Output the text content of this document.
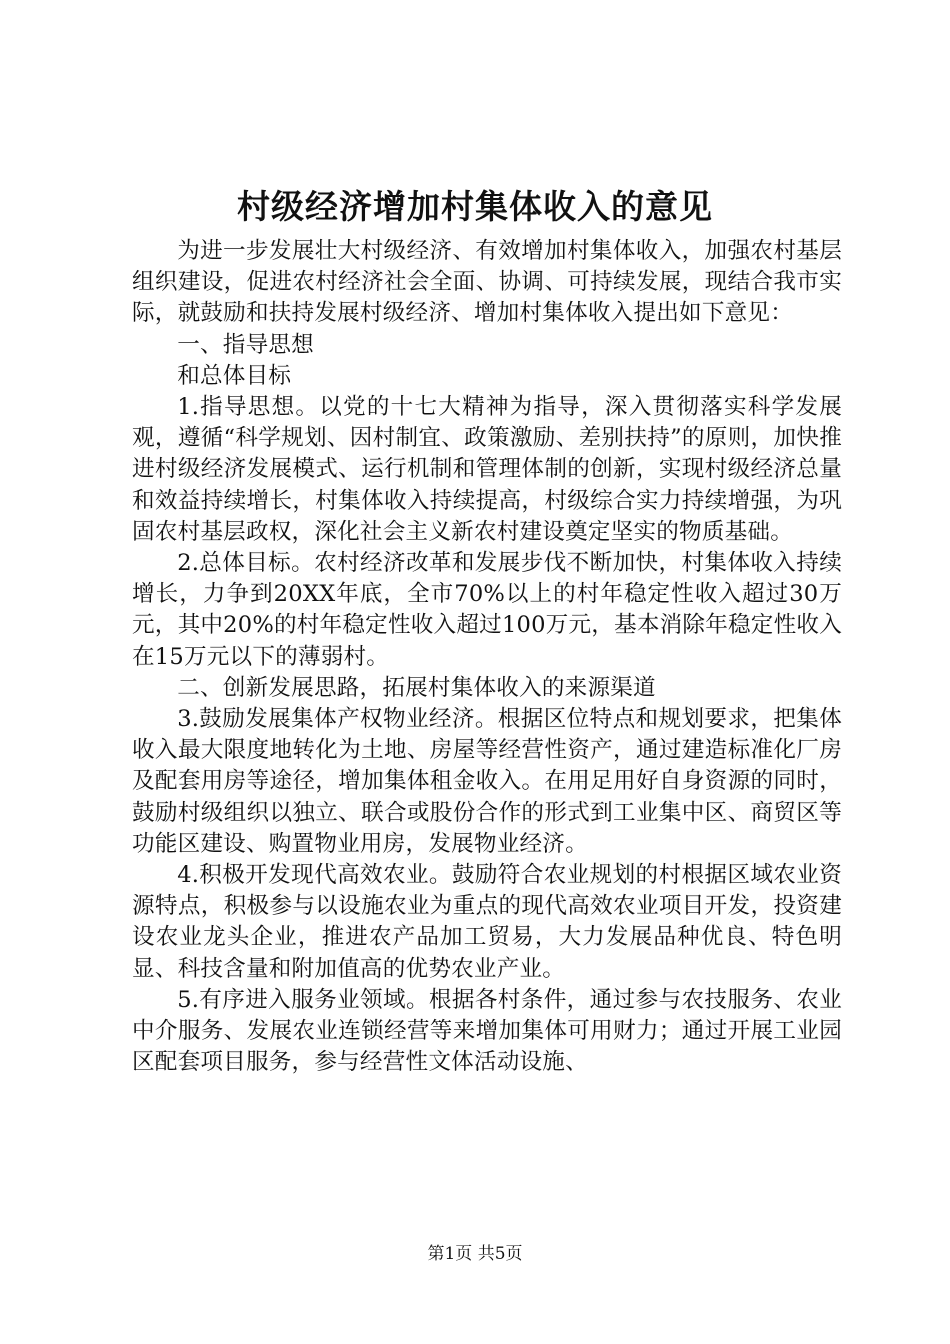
村级经济增加村集体收入的意见

为进一步发展壮大村级经济、有效增加村集体收入，加强农村基层组织建设，促进农村经济社会全面、协调、可持续发展，现结合我市实际，就鼓励和扶持发展村级经济、增加村集体收入提出如下意见：

一、指导思想

和总体目标

1.指导思想。以党的十七大精神为指导，深入贯彻落实科学发展观，遵循“科学规划、因村制宜、政策激励、差别扶持”的原则，加快推进村级经济发展模式、运行机制和管理体制的创新，实现村级经济总量和效益持续增长，村集体收入持续提高，村级综合实力持续增强，为巩固农村基层政权，深化社会主义新农村建设奠定坚实的物质基础。

2.总体目标。农村经济改革和发展步伐不断加快，村集体收入持续增长，力争到20XX年底，全市70%以上的村年稳定性收入超过30万元，其中20%的村年稳定性收入超过100万元，基本消除年稳定性收入在15万元以下的薄弱村。

二、创新发展思路，拓展村集体收入的来源渠道

3.鼓励发展集体产权物业经济。根据区位特点和规划要求，把集体收入最大限度地转化为土地、房屋等经营性资产，通过建造标准化厂房及配套用房等途径，增加集体租金收入。在用足用好自身资源的同时，鼓励村级组织以独立、联合或股份合作的形式到工业集中区、商贸区等功能区建设、购置物业用房，发展物业经济。

4.积极开发现代高效农业。鼓励符合农业规划的村根据区域农业资源特点，积极参与以设施农业为重点的现代高效农业项目开发，投资建设农业龙头企业，推进农产品加工贸易，大力发展品种优良、特色明显、科技含量和附加值高的优势农业产业。

5.有序进入服务业领域。根据各村条件，通过参与农技服务、农业中介服务、发展农业连锁经营等来增加集体可用财力；通过开展工业园区配套项目服务，参与经营性文体活动设施、

第1页 共5页
